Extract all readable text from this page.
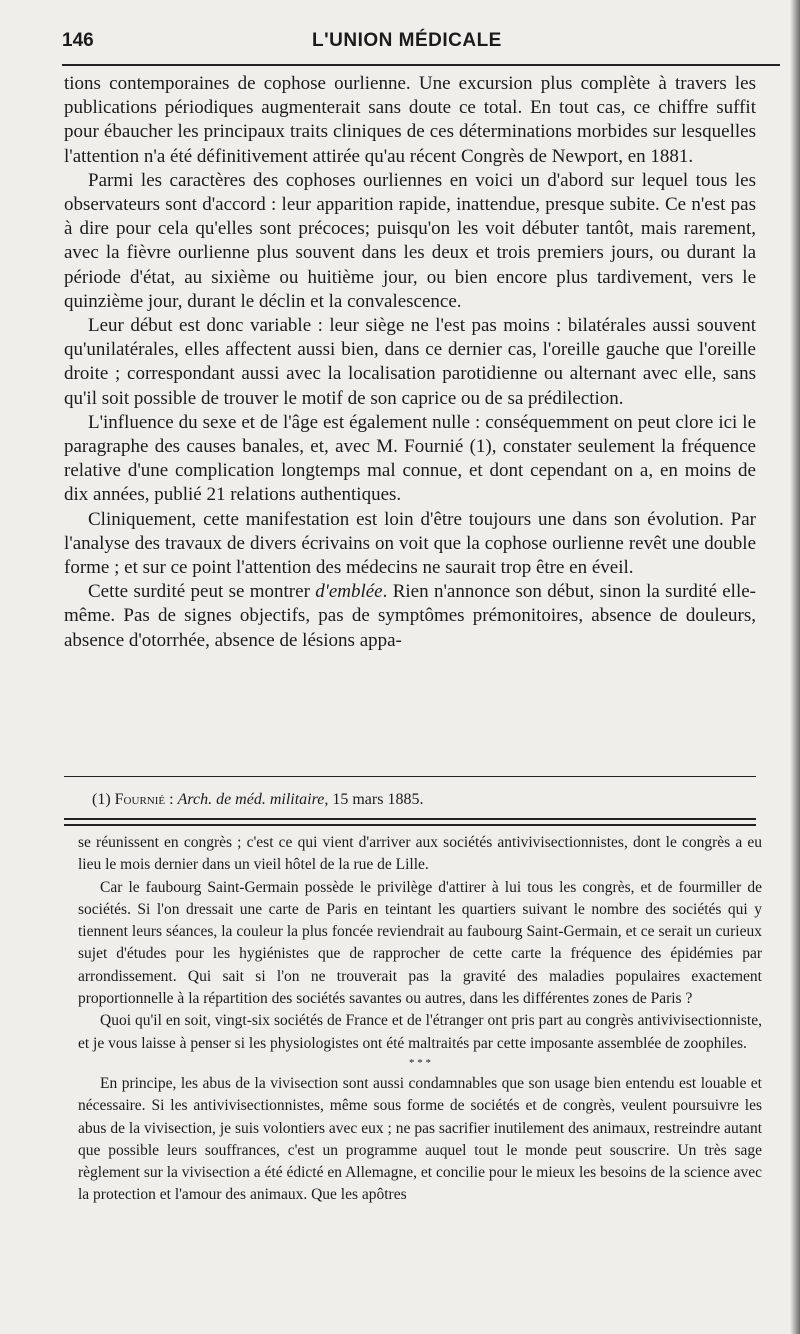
146	L'UNION MÉDICALE

tions contemporaines de cophose ourlienne. Une excursion plus complète à travers les publications périodiques augmenterait sans doute ce total. En tout cas, ce chiffre suffit pour ébaucher les principaux traits cliniques de ces déterminations morbides sur lesquelles l'attention n'a été définitivement attirée qu'au récent Congrès de Newport, en 1881.

Parmi les caractères des cophoses ourliennes en voici un d'abord sur lequel tous les observateurs sont d'accord : leur apparition rapide, inattendue, presque subite. Ce n'est pas à dire pour cela qu'elles sont précoces; puisqu'on les voit débuter tantôt, mais rarement, avec la fièvre ourlienne plus souvent dans les deux et trois premiers jours, ou durant la période d'état, au sixième ou huitième jour, ou bien encore plus tardivement, vers le quinzième jour, durant le déclin et la convalescence.

Leur début est donc variable : leur siège ne l'est pas moins : bilatérales aussi souvent qu'unilatérales, elles affectent aussi bien, dans ce dernier cas, l'oreille gauche que l'oreille droite ; correspondant aussi avec la localisation parotidienne ou alternant avec elle, sans qu'il soit possible de trouver le motif de son caprice ou de sa prédilection.

L'influence du sexe et de l'âge est également nulle : conséquemment on peut clore ici le paragraphe des causes banales, et, avec M. Fournié (1), constater seulement la fréquence relative d'une complication longtemps mal connue, et dont cependant on a, en moins de dix années, publié 21 relations authentiques.

Cliniquement, cette manifestation est loin d'être toujours une dans son évolution. Par l'analyse des travaux de divers écrivains on voit que la cophose ourlienne revêt une double forme ; et sur ce point l'attention des médecins ne saurait trop être en éveil.

Cette surdité peut se montrer d'emblée. Rien n'annonce son début, sinon la surdité elle-même. Pas de signes objectifs, pas de symptômes prémonitoires, absence de douleurs, absence d'otorrhée, absence de lésions appa-

(1) Fournié : Arch. de méd. militaire, 15 mars 1885.

se réunissent en congrès ; c'est ce qui vient d'arriver aux sociétés antivivisectionnistes, dont le congrès a eu lieu le mois dernier dans un vieil hôtel de la rue de Lille.

Car le faubourg Saint-Germain possède le privilège d'attirer à lui tous les congrès, et de fourmiller de sociétés. Si l'on dressait une carte de Paris en teintant les quartiers suivant le nombre des sociétés qui y tiennent leurs séances, la couleur la plus foncée reviendrait au faubourg Saint-Germain, et ce serait un curieux sujet d'études pour les hygiénistes que de rapprocher de cette carte la fréquence des épidémies par arrondissement. Qui sait si l'on ne trouverait pas la gravité des maladies populaires exactement proportionnelle à la répartition des sociétés savantes ou autres, dans les différentes zones de Paris ?

Quoi qu'il en soit, vingt-six sociétés de France et de l'étranger ont pris part au congrès antivivisectionniste, et je vous laisse à penser si les physiologistes ont été maltraités par cette imposante assemblée de zoophiles.

* * *

En principe, les abus de la vivisection sont aussi condamnables que son usage bien entendu est louable et nécessaire. Si les antivivisectionnistes, même sous forme de sociétés et de congrès, veulent poursuivre les abus de la vivisection, je suis volontiers avec eux ; ne pas sacrifier inutilement des animaux, restreindre autant que possible leurs souffrances, c'est un programme auquel tout le monde peut souscrire. Un très sage règlement sur la vivisection a été édicté en Allemagne, et concilie pour le mieux les besoins de la science avec la protection et l'amour des animaux. Que les apôtres
